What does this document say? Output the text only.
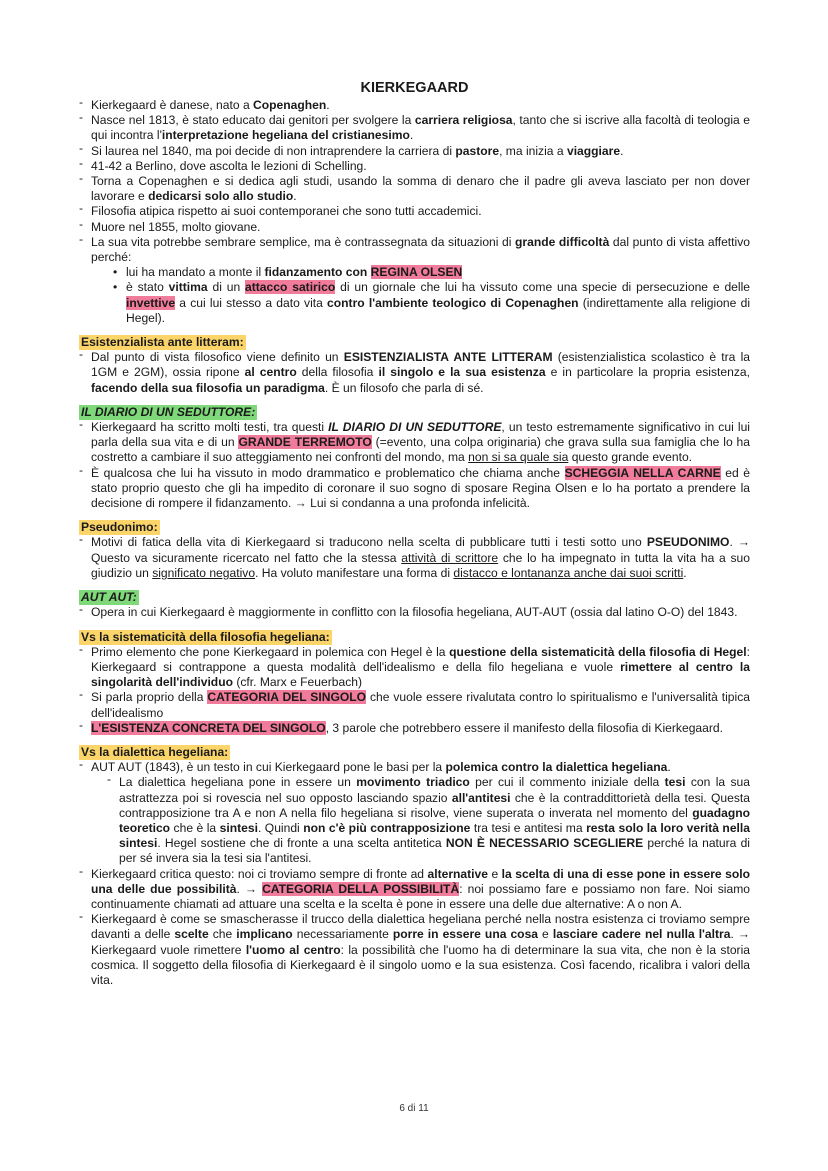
KIERKEGAARD
- Kierkegaard è danese, nato a Copenaghen.
- Nasce nel 1813, è stato educato dai genitori per svolgere la carriera religiosa, tanto che si iscrive alla facoltà di teologia e qui incontra l'interpretazione hegeliana del cristianesimo.
- Si laurea nel 1840, ma poi decide di non intraprendere la carriera di pastore, ma inizia a viaggiare.
- 41-42 a Berlino, dove ascolta le lezioni di Schelling.
- Torna a Copenaghen e si dedica agli studi, usando la somma di denaro che il padre gli aveva lasciato per non dover lavorare e dedicarsi solo allo studio.
- Filosofia atipica rispetto ai suoi contemporanei che sono tutti accademici.
- Muore nel 1855, molto giovane.
- La sua vita potrebbe sembrare semplice, ma è contrassegnata da situazioni di grande difficoltà dal punto di vista affettivo perché:
• lui ha mandato a monte il fidanzamento con REGINA OLSEN
• è stato vittima di un attacco satirico di un giornale che lui ha vissuto come una specie di persecuzione e delle invettive a cui lui stesso a dato vita contro l'ambiente teologico di Copenaghen (indirettamente alla religione di Hegel).
Esistenzialista ante litteram:
- Dal punto di vista filosofico viene definito un ESISTENZIALISTA ANTE LITTERAM (esistenzialistica scolastico è tra la 1GM e 2GM), ossia ripone al centro della filosofia il singolo e la sua esistenza e in particolare la propria esistenza, facendo della sua filosofia un paradigma. È un filosofo che parla di sé.
IL DIARIO DI UN SEDUTTORE:
- Kierkegaard ha scritto molti testi, tra questi IL DIARIO DI UN SEDUTTORE, un testo estremamente significativo in cui lui parla della sua vita e di un GRANDE TERREMOTO (=evento, una colpa originaria) che grava sulla sua famiglia che lo ha costretto a cambiare il suo atteggiamento nei confronti del mondo, ma non si sa quale sia questo grande evento.
- È qualcosa che lui ha vissuto in modo drammatico e problematico che chiama anche SCHEGGIA NELLA CARNE ed è stato proprio questo che gli ha impedito di coronare il suo sogno di sposare Regina Olsen e lo ha portato a prendere la decisione di rompere il fidanzamento. → Lui si condanna a una profonda infelicità.
Pseudonimo:
- Motivi di fatica della vita di Kierkegaard si traducono nella scelta di pubblicare tutti i testi sotto uno PSEUDONIMO. → Questo va sicuramente ricercato nel fatto che la stessa attività di scrittore che lo ha impegnato in tutta la vita ha a suo giudizio un significato negativo. Ha voluto manifestare una forma di distacco e lontananza anche dai suoi scritti.
AUT AUT:
- Opera in cui Kierkegaard è maggiormente in conflitto con la filosofia hegeliana, AUT-AUT (ossia dal latino O-O) del 1843.
Vs la sistematicità della filosofia hegeliana:
- Primo elemento che pone Kierkegaard in polemica con Hegel è la questione della sistematicità della filosofia di Hegel: Kierkegaard si contrappone a questa modalità dell'idealismo e della filo hegeliana e vuole rimettere al centro la singolarità dell'individuo (cfr. Marx e Feuerbach)
- Si parla proprio della CATEGORIA DEL SINGOLO che vuole essere rivalutata contro lo spiritualismo e l'universalità tipica dell'idealismo
- L'ESISTENZA CONCRETA DEL SINGOLO, 3 parole che potrebbero essere il manifesto della filosofia di Kierkegaard.
Vs la dialettica hegeliana:
- AUT AUT (1843), è un testo in cui Kierkegaard pone le basi per la polemica contro la dialettica hegeliana.
- La dialettica hegeliana pone in essere un movimento triadico per cui il commento iniziale della tesi con la sua astrattezza poi si rovescia nel suo opposto lasciando spazio all'antitesi che è la contraddittorietà della tesi. Questa contrapposizione tra A e non A nella filo hegeliana si risolve, viene superata o inverata nel momento del guadagno teoretico che è la sintesi. Quindi non c'è più contrapposizione tra tesi e antitesi ma resta solo la loro verità nella sintesi. Hegel sostiene che di fronte a una scelta antitetica NON È NECESSARIO SCEGLIERE perché la natura di per sé invera sia la tesi sia l'antitesi.
- Kierkegaard critica questo: noi ci troviamo sempre di fronte ad alternative e la scelta di una di esse pone in essere solo una delle due possibilità. → CATEGORIA DELLA POSSIBILITÀ: noi possiamo fare e possiamo non fare. Noi siamo continuamente chiamati ad attuare una scelta e la scelta è pone in essere una delle due alternative: A o non A.
- Kierkegaard è come se smascherasse il trucco della dialettica hegeliana perché nella nostra esistenza ci troviamo sempre davanti a delle scelte che implicano necessariamente porre in essere una cosa e lasciare cadere nel nulla l'altra. → Kierkegaard vuole rimettere l'uomo al centro: la possibilità che l'uomo ha di determinare la sua vita, che non è la storia cosmica. Il soggetto della filosofia di Kierkegaard è il singolo uomo e la sua esistenza. Così facendo, ricalibra i valori della vita.
6 di 11
